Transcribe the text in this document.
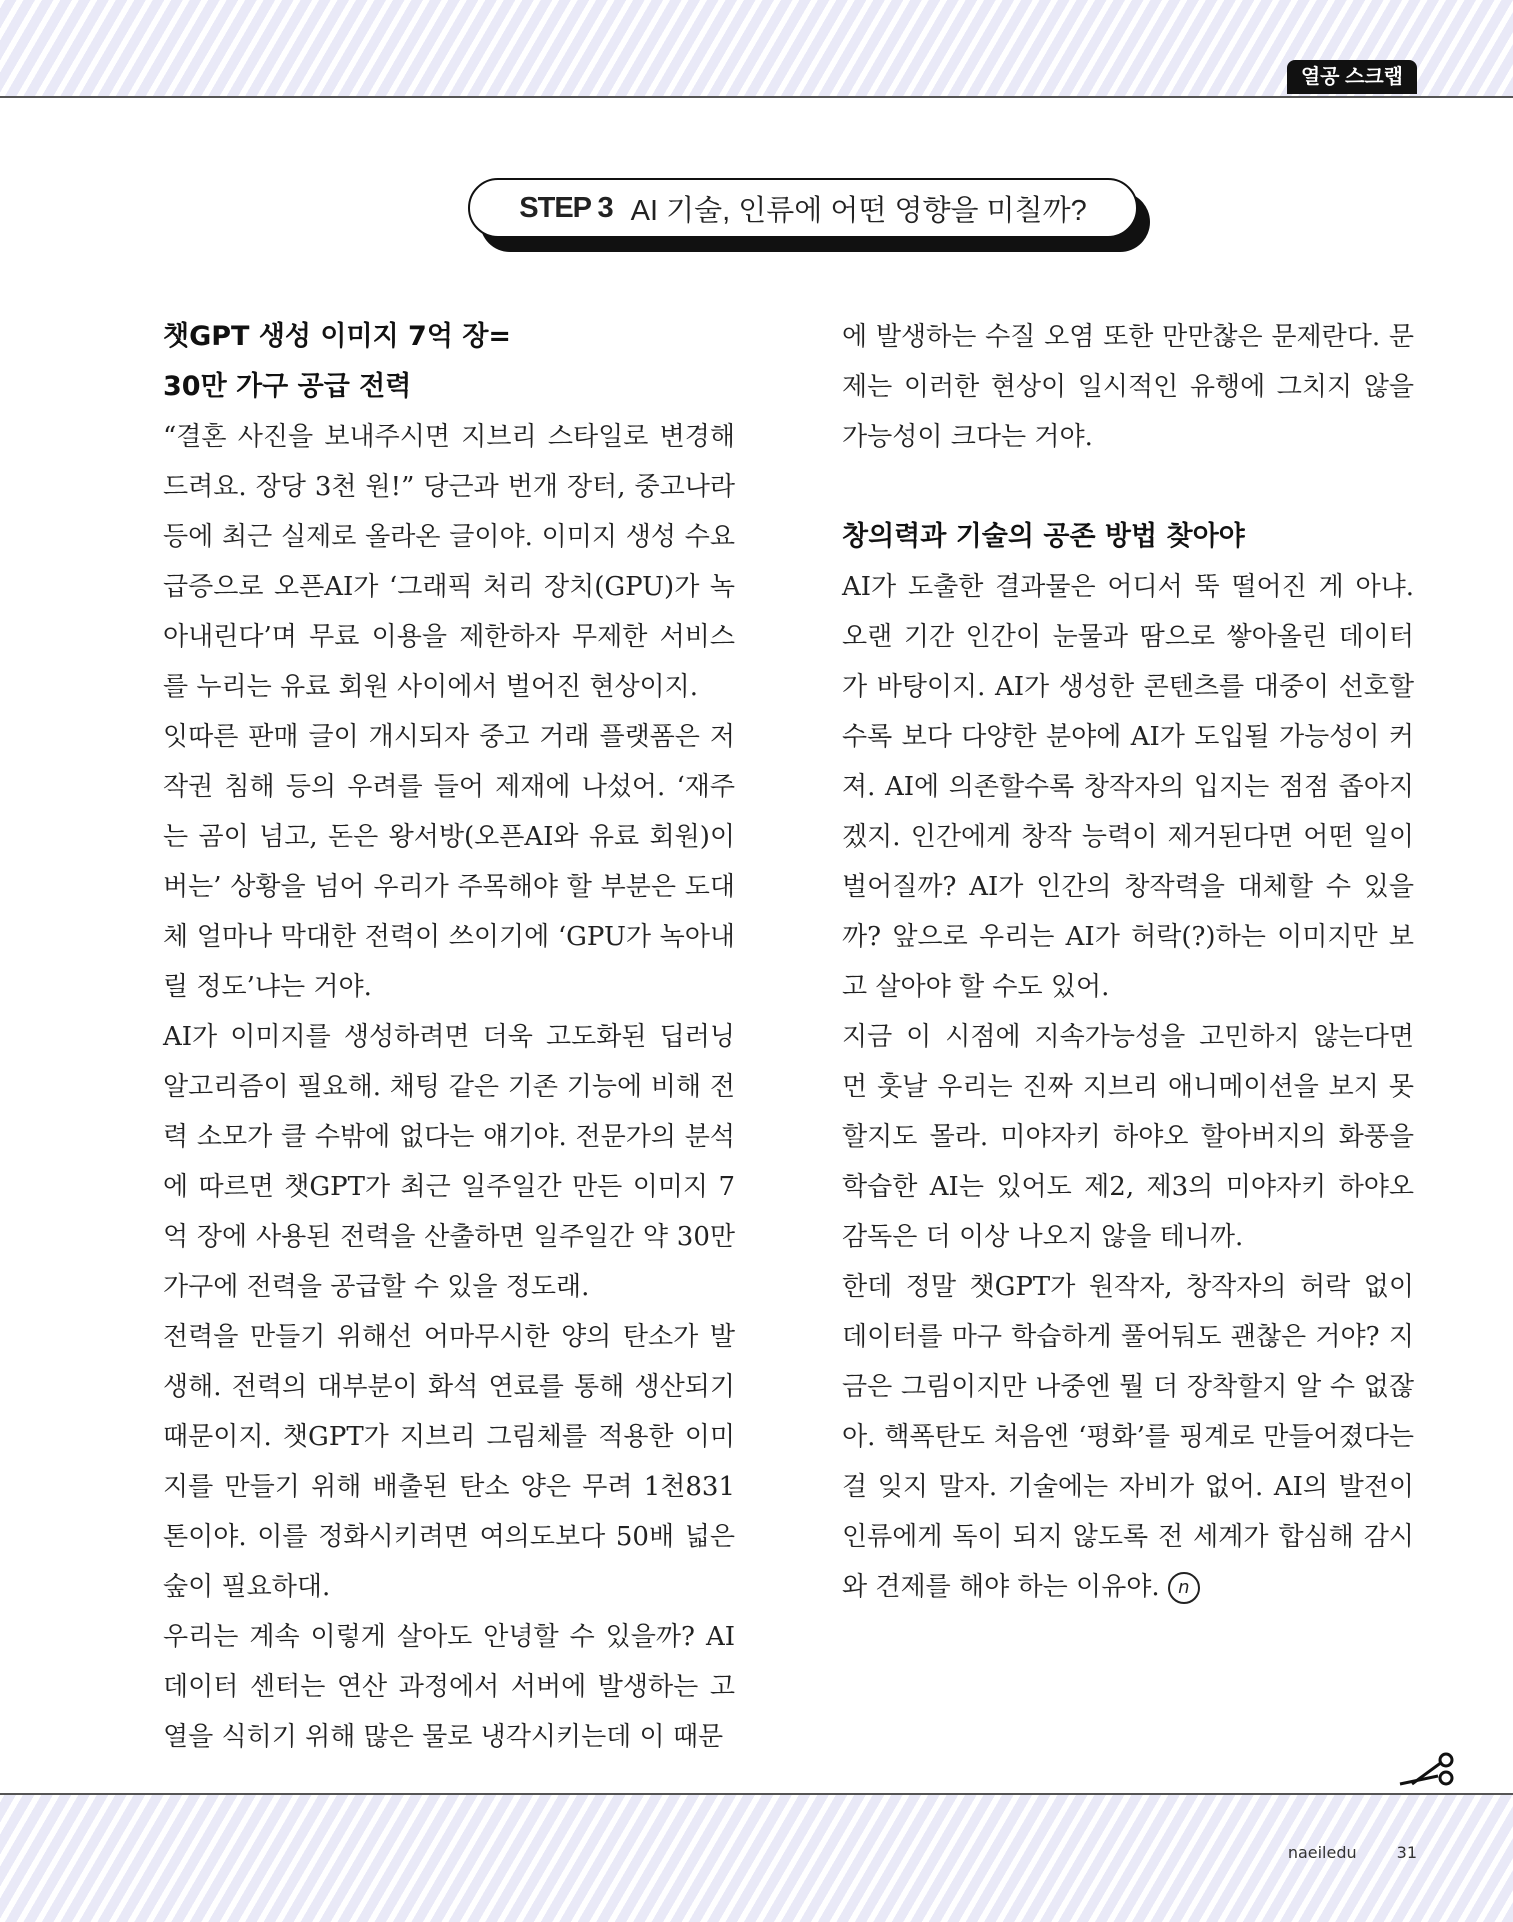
열공 스크랩
STEP 3 AI 기술, 인류에 어떤 영향을 미칠까?
챗GPT 생성 이미지 7억 장=
30만 가구 공급 전력

“결혼 사진을 보내주시면 지브리 스타일로 변경해드려요. 장당 3천 원!” 당근과 번개 장터, 중고나라 등에 최근 실제로 올라온 글이야. 이미지 생성 수요 급증으로 오픈AI가 ‘그래픽 처리 장치(GPU)가 녹아내린다’며 무료 이용을 제한하자 무제한 서비스를 누리는 유료 회원 사이에서 벌어진 현상이지.

잇따른 판매 글이 개시되자 중고 거래 플랫폼은 저작권 침해 등의 우려를 들어 제재에 나섰어. ‘재주는 곰이 넘고, 돈은 왕서방(오픈AI와 유료 회원)이 버는’ 상황을 넘어 우리가 주목해야 할 부분은 도대체 얼마나 막대한 전력이 쓰이기에 ‘GPU가 녹아내릴 정도’냐는 거야.

AI가 이미지를 생성하려면 더욱 고도화된 딥러닝 알고리즘이 필요해. 채팅 같은 기존 기능에 비해 전력 소모가 클 수밖에 없다는 얘기야. 전문가의 분석에 따르면 챗GPT가 최근 일주일간 만든 이미지 7억 장에 사용된 전력을 산출하면 일주일간 약 30만 가구에 전력을 공급할 수 있을 정도래.

전력을 만들기 위해선 어마무시한 양의 탄소가 발생해. 전력의 대부분이 화석 연료를 통해 생산되기 때문이지. 챗GPT가 지브리 그림체를 적용한 이미지를 만들기 위해 배출된 탄소 양은 무려 1천831톤이야. 이를 정화시키려면 여의도보다 50배 넓은 숲이 필요하대.

우리는 계속 이렇게 살아도 안녕할 수 있을까? AI 데이터 센터는 연산 과정에서 서버에 발생하는 고열을 식히기 위해 많은 물로 냉각시키는데 이 때문

에 발생하는 수질 오염 또한 만만찮은 문제란다. 문제는 이러한 현상이 일시적인 유행에 그치지 않을 가능성이 크다는 거야.

창의력과 기술의 공존 방법 찾아야

AI가 도출한 결과물은 어디서 뚝 떨어진 게 아냐. 오랜 기간 인간이 눈물과 땀으로 쌓아올린 데이터가 바탕이지. AI가 생성한 콘텐츠를 대중이 선호할수록 보다 다양한 분야에 AI가 도입될 가능성이 커져. AI에 의존할수록 창작자의 입지는 점점 좁아지겠지. 인간에게 창작 능력이 제거된다면 어떤 일이 벌어질까? AI가 인간의 창작력을 대체할 수 있을까? 앞으로 우리는 AI가 허락(?)하는 이미지만 보고 살아야 할 수도 있어.

지금 이 시점에 지속가능성을 고민하지 않는다면 먼 훗날 우리는 진짜 지브리 애니메이션을 보지 못할지도 몰라. 미야자키 하야오 할아버지의 화풍을 학습한 AI는 있어도 제2, 제3의 미야자키 하야오 감독은 더 이상 나오지 않을 테니까.

한데 정말 챗GPT가 원작자, 창작자의 허락 없이 데이터를 마구 학습하게 풀어둬도 괜찮은 거야? 지금은 그림이지만 나중엔 뭘 더 장착할지 알 수 없잖아. 핵폭탄도 처음엔 ‘평화’를 핑계로 만들어졌다는 걸 잊지 말자. 기술에는 자비가 없어. AI의 발전이 인류에게 독이 되지 않도록 전 세계가 합심해 감시와 견제를 해야 하는 이유야. n

naeiledu	31
